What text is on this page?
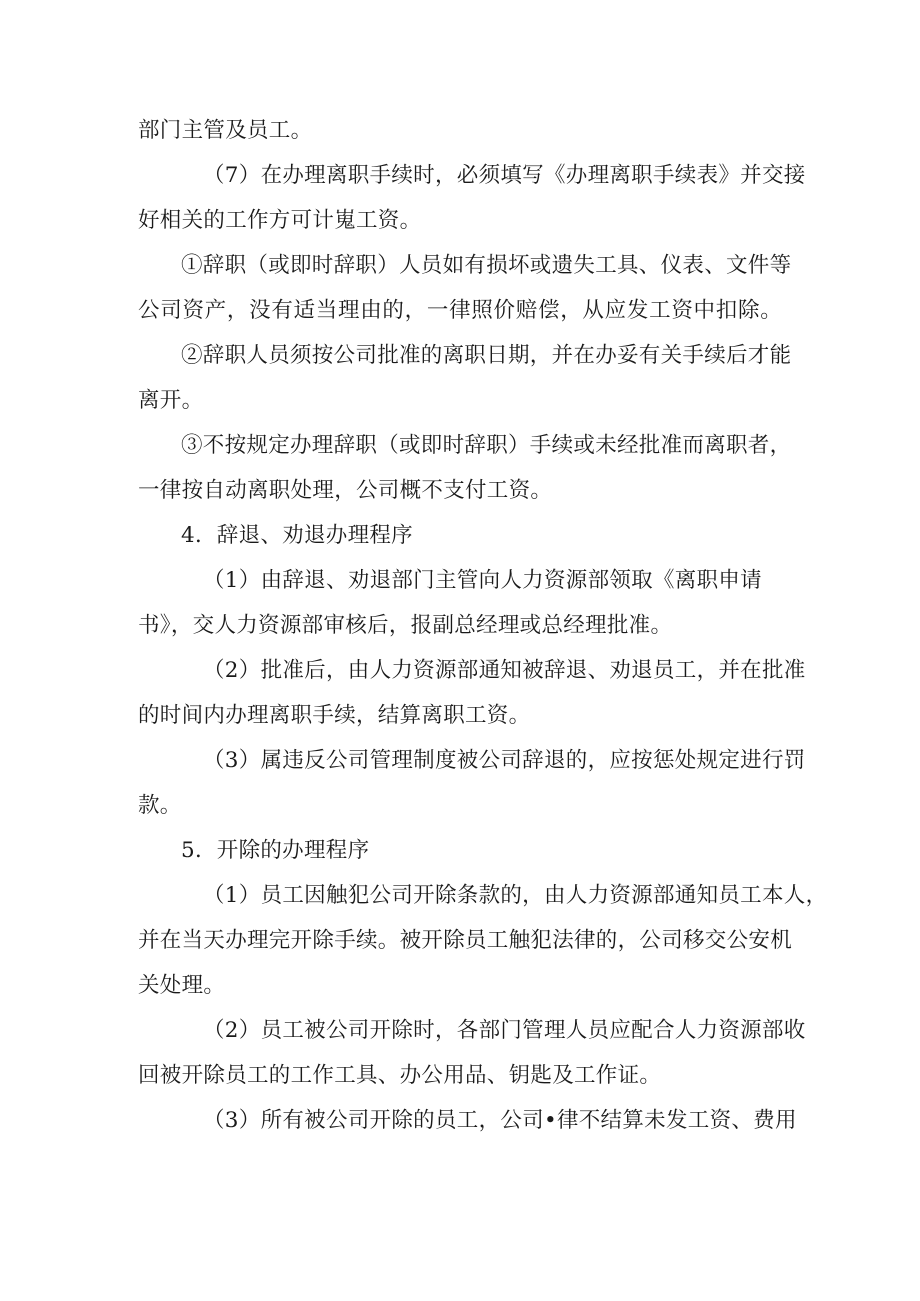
部门主管及员工。
（7）在办理离职手续时，必须填写《办理离职手续表》并交接
好相关的工作方可计嵬工资。
①辞职（或即时辞职）人员如有损坏或遗失工具、仪表、文件等
公司资产，没有适当理由的，一律照价赔偿，从应发工资中扣除。
②辞职人员须按公司批准的离职日期，并在办妥有关手续后才能
离开。
③不按规定办理辞职（或即时辞职）手续或未经批准而离职者，
一律按自动离职处理，公司概不支付工资。
4．辞退、劝退办理程序
（1）由辞退、劝退部门主管向人力资源部领取《离职申请
书》，交人力资源部审核后，报副总经理或总经理批准。
（2）批准后，由人力资源部通知被辞退、劝退员工，并在批准
的时间内办理离职手续，结算离职工资。
（3）属违反公司管理制度被公司辞退的，应按惩处规定进行罚
款。
5．开除的办理程序
（1）员工因触犯公司开除条款的，由人力资源部通知员工本人，
并在当天办理完开除手续。被开除员工触犯法律的，公司移交公安机
关处理。
（2）员工被公司开除时，各部门管理人员应配合人力资源部收
回被开除员工的工作工具、办公用品、钥匙及工作证。
（3）所有被公司开除的员工，公司•律不结算未发工资、费用
